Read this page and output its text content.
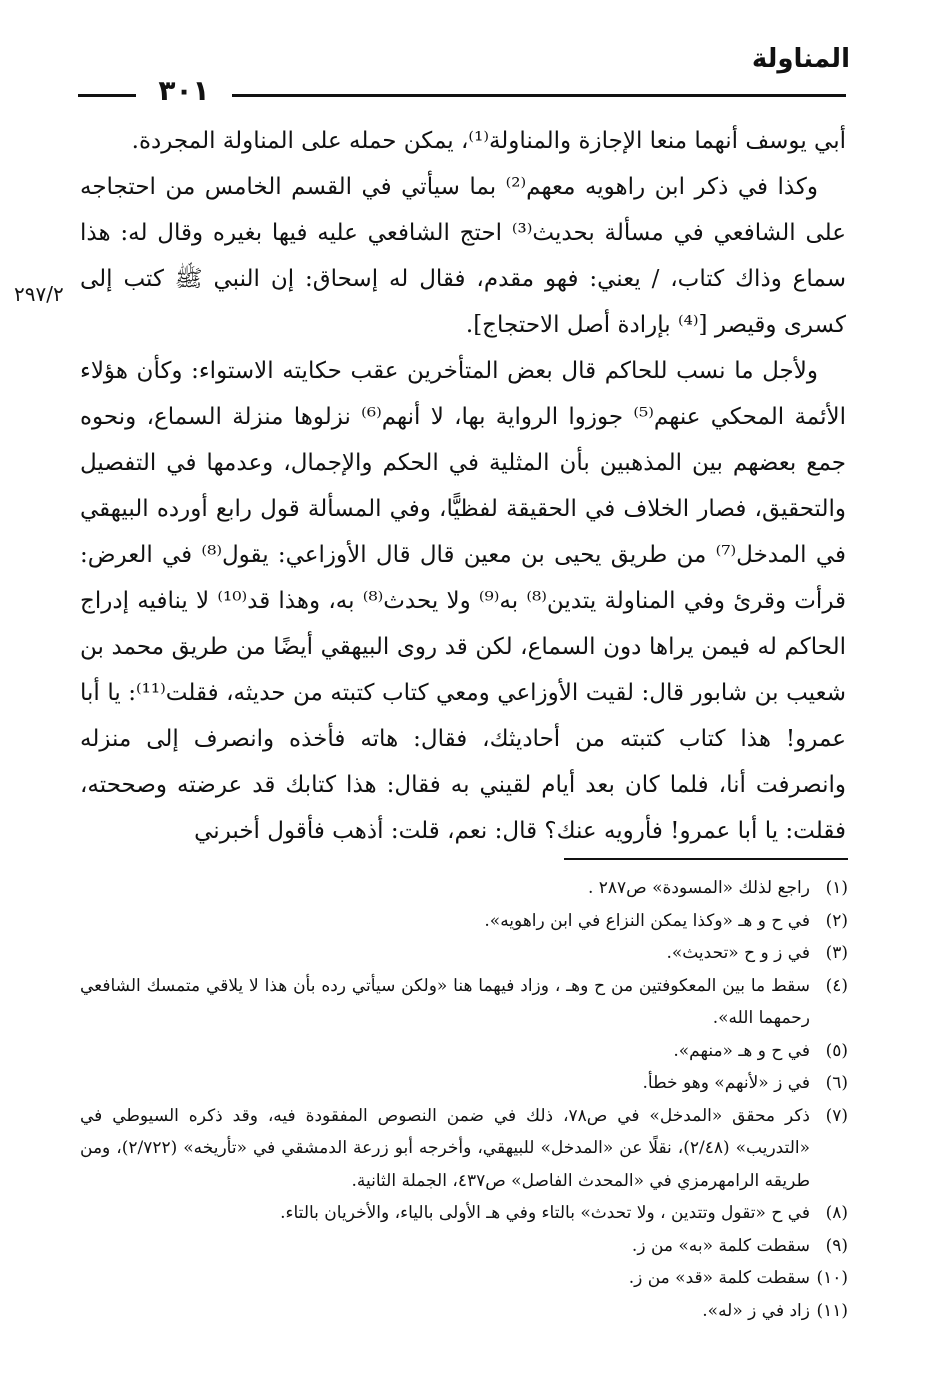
المناولة
٣٠١
٢٩٧/٢

أبي يوسف أنهما منعا الإجازة والمناولة⁽¹⁾، يمكن حمله على المناولة المجردة.

وكذا في ذكر ابن راهويه معهم⁽²⁾ بما سيأتي في القسم الخامس من احتجاجه على الشافعي في مسألة بحديث⁽³⁾ احتج الشافعي عليه فيها بغيره وقال له: هذا سماع وذاك كتاب، / يعني: فهو مقدم، فقال له إسحاق: إن النبي ﷺ كتب إلى كسرى وقيصر [⁽⁴⁾ بإرادة أصل الاحتجاج].

ولأجل ما نسب للحاكم قال بعض المتأخرين عقب حكايته الاستواء: وكأن هؤلاء الأئمة المحكي عنهم⁽⁵⁾ جوزوا الرواية بها، لا أنهم⁽⁶⁾ نزلوها منزلة السماع، ونحوه جمع بعضهم بين المذهبين بأن المثلية في الحكم والإجمال، وعدمها في التفصيل والتحقيق، فصار الخلاف في الحقيقة لفظيًّا، وفي المسألة قول رابع أورده البيهقي في المدخل⁽⁷⁾ من طريق يحيى بن معين قال قال الأوزاعي: يقول⁽⁸⁾ في العرض: قرأت وقرئ وفي المناولة يتدين⁽⁸⁾ به⁽⁹⁾ ولا يحدث⁽⁸⁾ به، وهذا قد⁽¹⁰⁾ لا ينافيه إدراج الحاكم له فيمن يراها دون السماع، لكن قد روى البيهقي أيضًا من طريق محمد بن شعيب بن شابور قال: لقيت الأوزاعي ومعي كتاب كتبته من حديثه، فقلت⁽¹¹⁾: يا أبا عمرو! هذا كتاب كتبته من أحاديثك، فقال: هاته فأخذه وانصرف إلى منزله وانصرفت أنا، فلما كان بعد أيام لقيني به فقال: هذا كتابك قد عرضته وصححته، فقلت: يا أبا عمرو! فأرويه عنك؟ قال: نعم، قلت: أذهب فأقول أخبرني

(١)
راجع لذلك «المسودة» ص٢٨٧ .
(٢)
في ح و هـ «وكذا يمكن النزاع في ابن راهويه».
(٣)
في ز و ح «تحديث».
(٤)
سقط ما بين المعكوفتين من ح وهـ ، وزاد فيهما هنا «ولكن سيأتي رده بأن هذا لا يلاقي متمسك الشافعي رحمهما الله».
(٥)
في ح و هـ «منهم».
(٦)
في ز «لأنهم» وهو خطأ.
(٧)
ذكر محقق «المدخل» في ص٧٨، ذلك في ضمن النصوص المفقودة فيه، وقد ذكره السيوطي في «التدريب» (٢/٤٨)، نقلًا عن «المدخل» للبيهقي، وأخرجه أبو زرعة الدمشقي في «تأريخه» (٢/٧٢٢)، ومن طريقه الرامهرمزي في «المحدث الفاصل» ص٤٣٧، الجملة الثانية.
(٨)
في ح «تقول وتتدين ، ولا تحدث» بالتاء وفي هـ الأولى بالياء، والأخريان بالتاء.
(٩)
سقطت كلمة «به» من ز.
(١٠)
سقطت كلمة «قد» من ز.
(١١)
زاد في ز «له».
